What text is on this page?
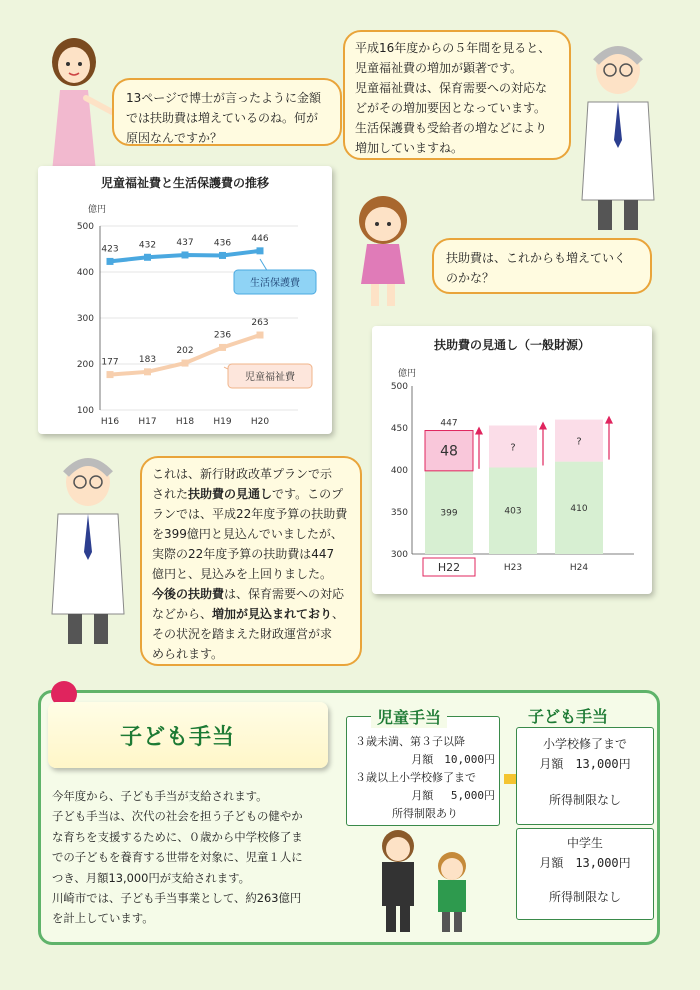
13ページで博士が言ったように金額
では扶助費は増えているのね。何が
原因なんですか？

平成16年度からの５年間を見ると、
児童福祉費の増加が顕著です。
児童福祉費は、保育需要への対応な
どがその増加要因となっています。
生活保護費も受給者の増などにより
増加していますね。

児童福祉費と生活保護費の推移
億円
100
200
300
400
500
H16 H17 H18 H19 H20
423 432 437 436 446
177 183
202
236
263
生活保護費
児童福祉費

扶助費は、これからも増えていく
のかな？

扶助費の見通し（一般財源）
億円
300
350
400
450
500
399
48
447
H22
403
?
H23
410
?
H24
これは、新行財政改革プランで示
された扶助費の見通しです。このプ
ランでは、平成22年度予算の扶助費
を399億円と見込んでいましたが、
実際の22年度予算の扶助費は447
億円と、見込みを上回りました。
今後の扶助費は、保育需要への対応
などから、増加が見込まれており、
その状況を踏まえた財政運営が求
められます。
子ども手当
今年度から、子ども手当が支給されます。
子ども手当は、次代の社会を担う子どもの健やか
な育ちを支援するために、０歳から中学校修了ま
での子どもを養育する世帯を対象に、児童１人に
つき、月額13,000円が支給されます。
川崎市では、子ども手当事業として、約263億円
を計上しています。
児童手当
３歳未満、第３子以降
月額　10,000円
３歳以上小学校修了まで
月額　 5,000円
所得制限あり
子ども手当
小学校修了まで
月額　13,000円
所得制限なし
中学生
月額　13,000円
所得制限なし
